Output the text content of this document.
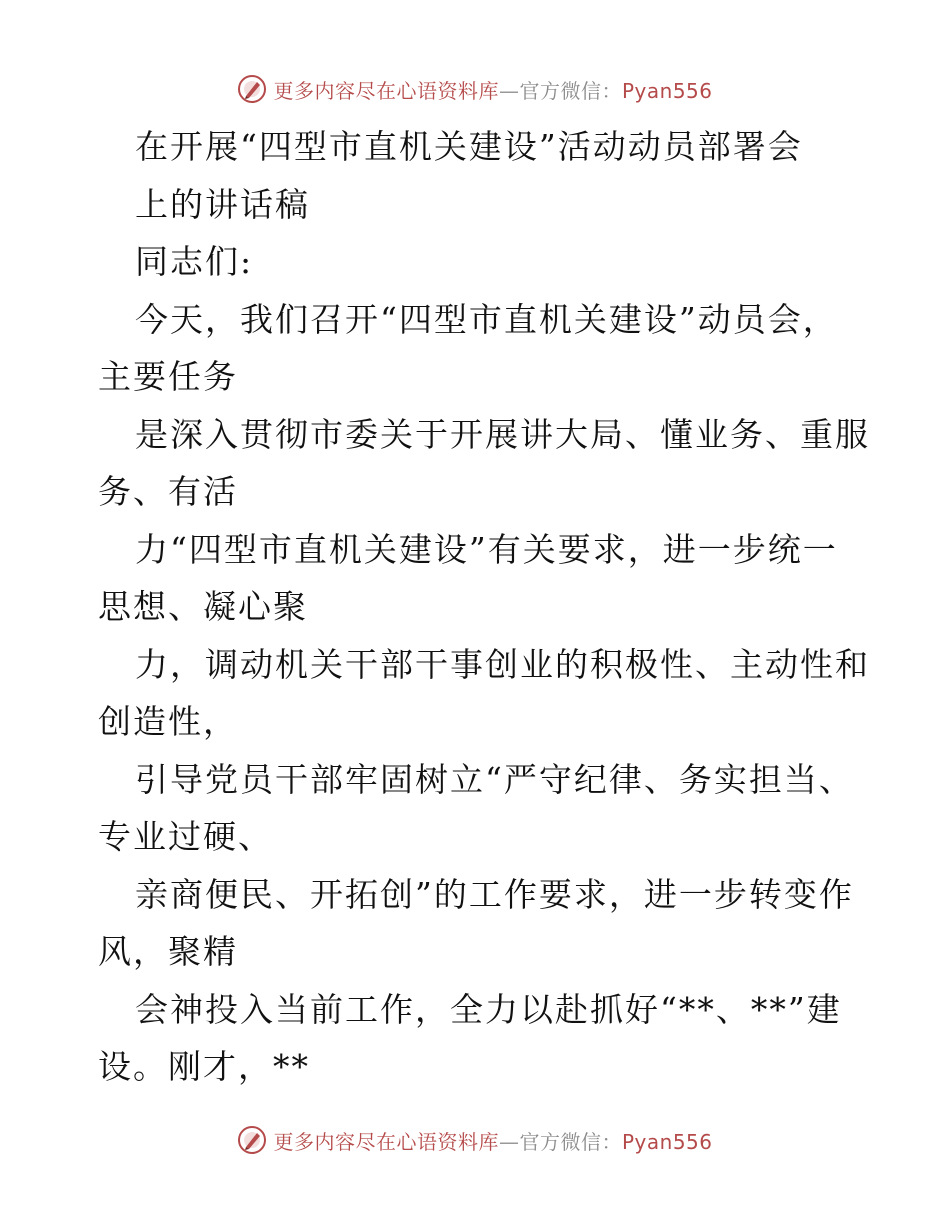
更多内容尽在心语资料库—官方微信：Pyan556
在开展“四型市直机关建设”活动动员部署会
上的讲话稿
同志们:
今天，我们召开“四型市直机关建设”动员会，
主要任务
是深入贯彻市委关于开展讲大局、懂业务、重服
务、有活
力“四型市直机关建设”有关要求，进一步统一
思想、凝心聚
力，调动机关干部干事创业的积极性、主动性和
创造性，
引导党员干部牢固树立“严守纪律、务实担当、
专业过硬、
亲商便民、开拓创”的工作要求，进一步转变作
风，聚精
会神投入当前工作，全力以赴抓好“**、**”建
设。刚才，**
更多内容尽在心语资料库—官方微信：Pyan556
